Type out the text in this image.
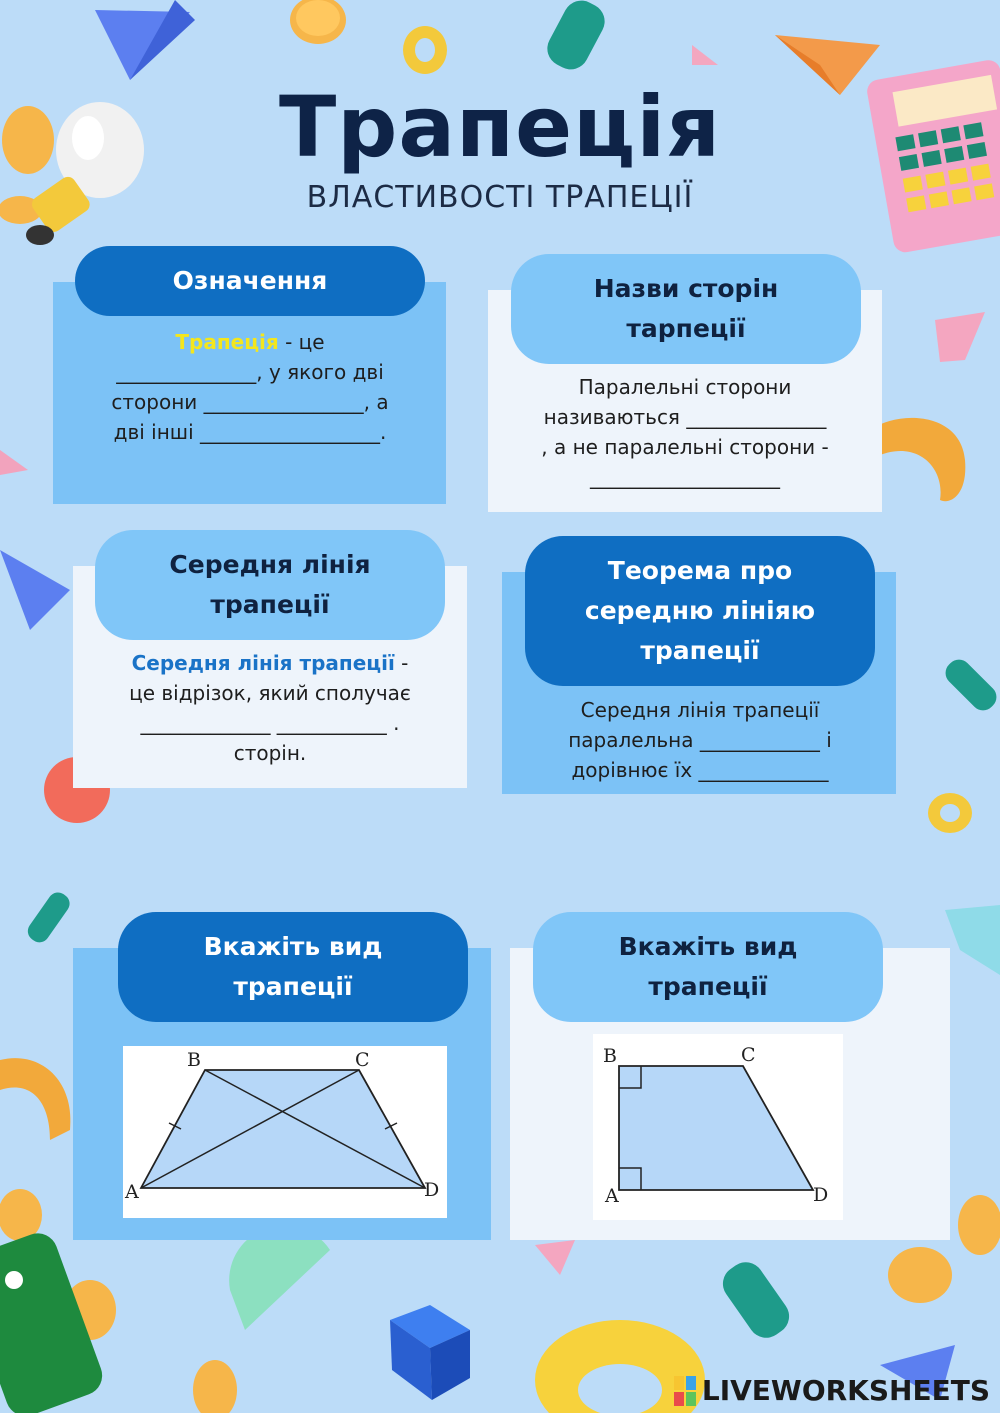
Трапеція
ВЛАСТИВОСТІ ТРАПЕЦІЇ
Означення
Трапеція - це
______________, у якого дві
сторони ________________, а
дві інші __________________.
Назви сторін
тарпеції
Паралельні сторони
називаються ______________
, а не паралельні сторони -
___________________
Середня лінія
трапеції
Середня лінія трапеції -
це відрізок, який сполучає
_____________ ___________ .
сторін.
Теорема про
середню лініяю
трапеції
Середня лінія трапеції
паралельна ____________ і
дорівнює їх _____________
Вкажіть вид
трапеції
B	C
A	D
Вкажіть вид
трапеції
B	C
A	D
LIVEWORKSHEETS
